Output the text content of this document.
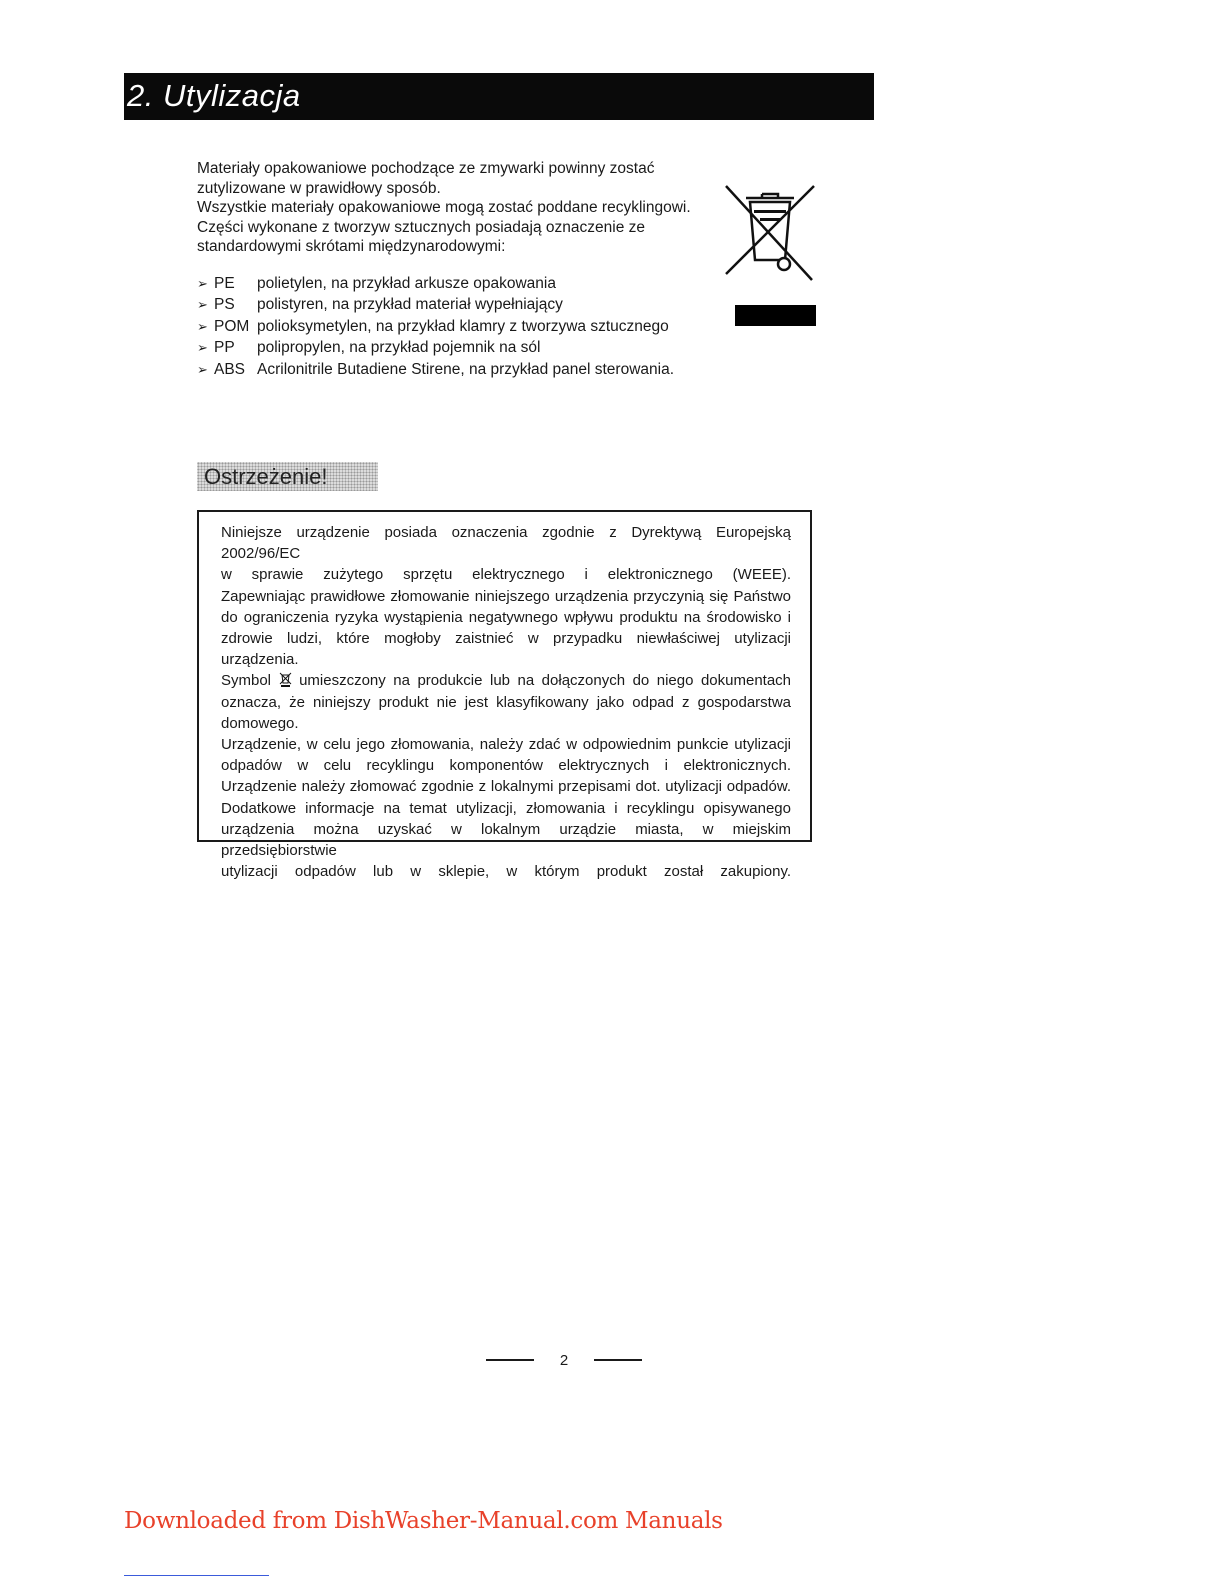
2. Utylizacja

Materiały opakowaniowe pochodzące ze zmywarki powinny zostać

zutylizowane w prawidłowy sposób.

Wszystkie materiały opakowaniowe mogą zostać poddane recyklingowi.

Części wykonane z tworzyw sztucznych posiadają oznaczenie ze

standardowymi skrótami międzynarodowymi:

➢ PE	polietylen, na przykład arkusze opakowania
➢ PS	polistyren, na przykład materiał wypełniający
➢ POM polioksymetylen, na przykład klamry z tworzywa sztucznego
➢ PP	polipropylen, na przykład pojemnik na sól
➢ ABS Acrilonitrile Butadiene Stirene, na przykład panel sterowania.
Ostrzeżenie!
Niniejsze urządzenie posiada oznaczenia zgodnie z Dyrektywą Europejską 2002/96/EC
w sprawie zużytego sprzętu elektrycznego i elektronicznego (WEEE).
Zapewniając prawidłowe złomowanie niniejszego urządzenia przyczynią się Państwo
do ograniczenia ryzyka wystąpienia negatywnego wpływu produktu na środowisko i
zdrowie ludzi, które mogłoby zaistnieć w przypadku niewłaściwej utylizacji urządzenia.
Symbol umieszczony na produkcie lub na dołączonych do niego dokumentach
oznacza, że niniejszy produkt nie jest klasyfikowany jako odpad z gospodarstwa
domowego.
Urządzenie, w celu jego złomowania, należy zdać w odpowiednim punkcie utylizacji
odpadów w celu recyklingu komponentów elektrycznych i elektronicznych.
Urządzenie należy złomować zgodnie z lokalnymi przepisami dot. utylizacji odpadów.
Dodatkowe informacje na temat utylizacji, złomowania i recyklingu opisywanego
urządzenia można uzyskać w lokalnym urządzie miasta, w miejskim przedsiębiorstwie
utylizacji odpadów lub w sklepie, w którym produkt został zakupiony.
2
Downloaded from DishWasher-Manual.com Manuals
